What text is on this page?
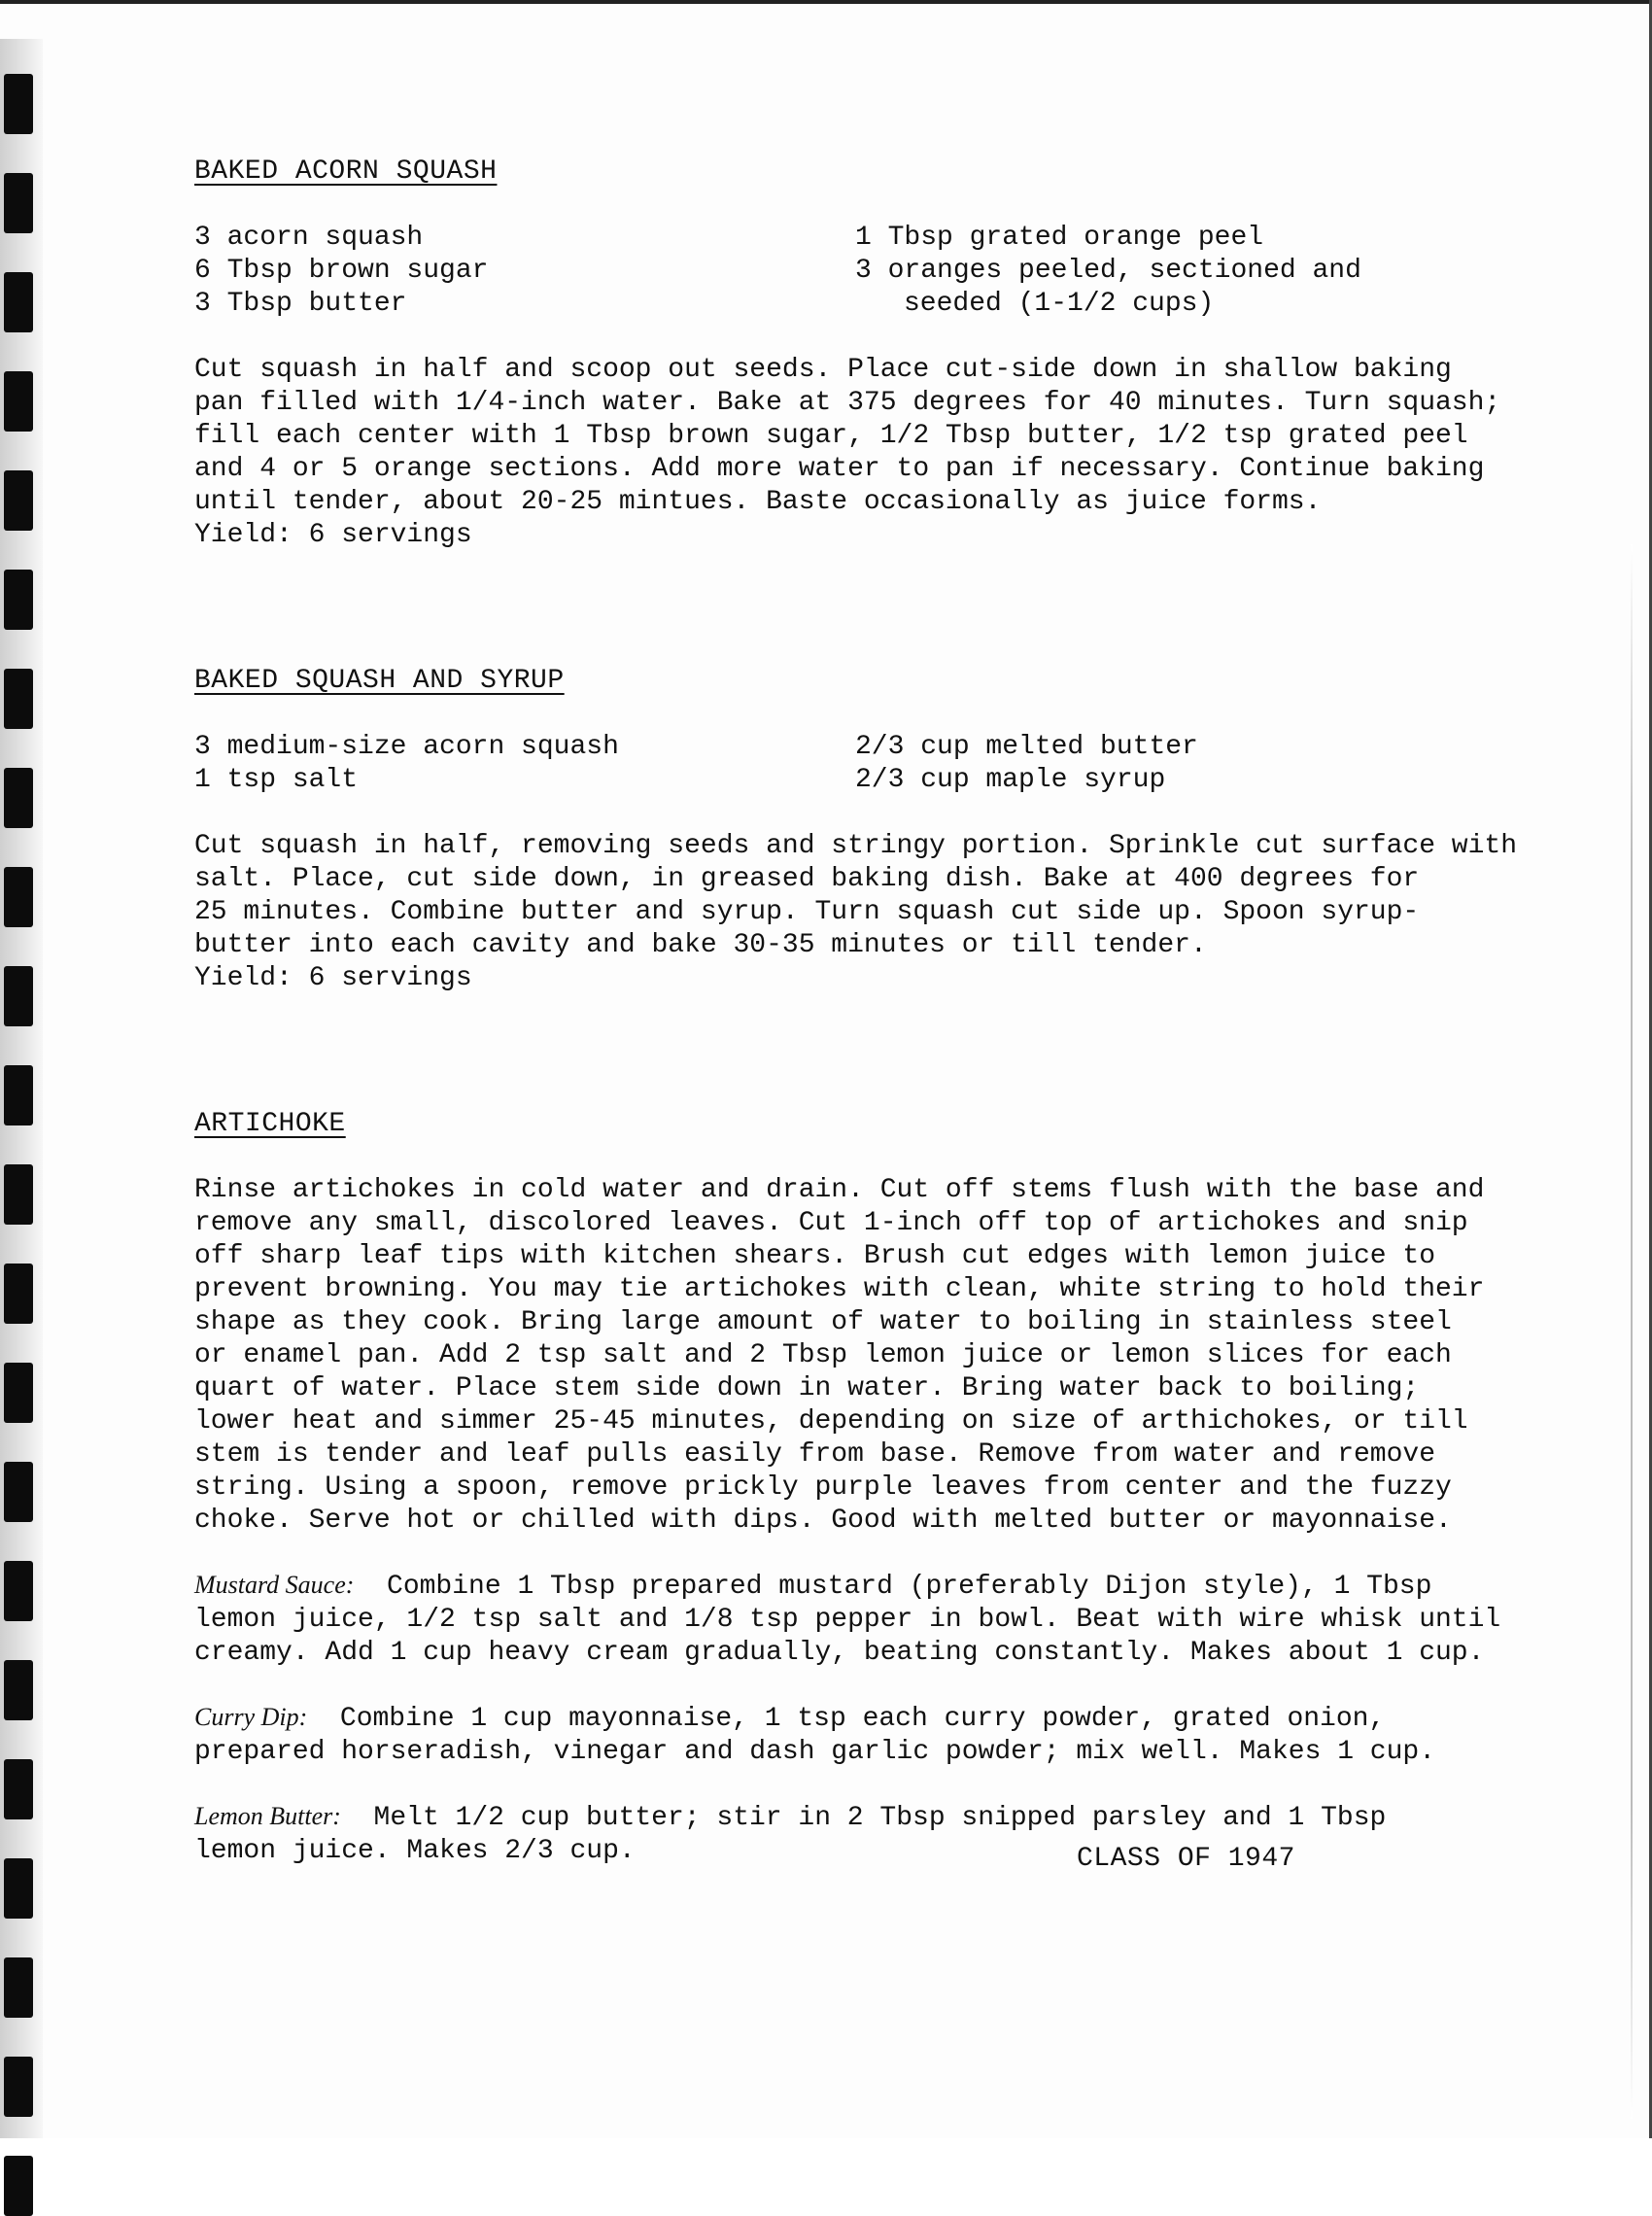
BAKED ACORN SQUASH
3 acorn squash
6 Tbsp brown sugar
3 Tbsp butter
1 Tbsp grated orange peel
3 oranges peeled, sectioned and
seeded (1-1/2 cups)

Cut squash in half and scoop out seeds. Place cut-side down in shallow baking

pan filled with 1/4-inch water. Bake at 375 degrees for 40 minutes. Turn squash;

fill each center with 1 Tbsp brown sugar, 1/2 Tbsp butter, 1/2 tsp grated peel

and 4 or 5 orange sections. Add more water to pan if necessary. Continue baking

until tender, about 20-25 mintues. Baste occasionally as juice forms.

Yield: 6 servings

BAKED SQUASH AND SYRUP
3 medium-size acorn squash
1 tsp salt
2/3 cup melted butter
2/3 cup maple syrup

Cut squash in half, removing seeds and stringy portion. Sprinkle cut surface with

salt. Place, cut side down, in greased baking dish. Bake at 400 degrees for

25 minutes. Combine butter and syrup. Turn squash cut side up. Spoon syrup-

butter into each cavity and bake 30-35 minutes or till tender.

Yield: 6 servings

ARTICHOKE

Rinse artichokes in cold water and drain. Cut off stems flush with the base and

remove any small, discolored leaves. Cut 1-inch off top of artichokes and snip

off sharp leaf tips with kitchen shears. Brush cut edges with lemon juice to

prevent browning. You may tie artichokes with clean, white string to hold their

shape as they cook. Bring large amount of water to boiling in stainless steel

or enamel pan. Add 2 tsp salt and 2 Tbsp lemon juice or lemon slices for each

quart of water. Place stem side down in water. Bring water back to boiling;

lower heat and simmer 25-45 minutes, depending on size of arthichokes, or till

stem is tender and leaf pulls easily from base. Remove from water and remove

string. Using a spoon, remove prickly purple leaves from center and the fuzzy

choke. Serve hot or chilled with dips. Good with melted butter or mayonnaise.

Mustard Sauce: Combine 1 Tbsp prepared mustard (preferably Dijon style), 1 Tbsp

lemon juice, 1/2 tsp salt and 1/8 tsp pepper in bowl. Beat with wire whisk until

creamy. Add 1 cup heavy cream gradually, beating constantly. Makes about 1 cup.

Curry Dip: Combine 1 cup mayonnaise, 1 tsp each curry powder, grated onion,

prepared horseradish, vinegar and dash garlic powder; mix well. Makes 1 cup.

Lemon Butter: Melt 1/2 cup butter; stir in 2 Tbsp snipped parsley and 1 Tbsp

lemon juice. Makes 2/3 cup.	CLASS OF 1947
